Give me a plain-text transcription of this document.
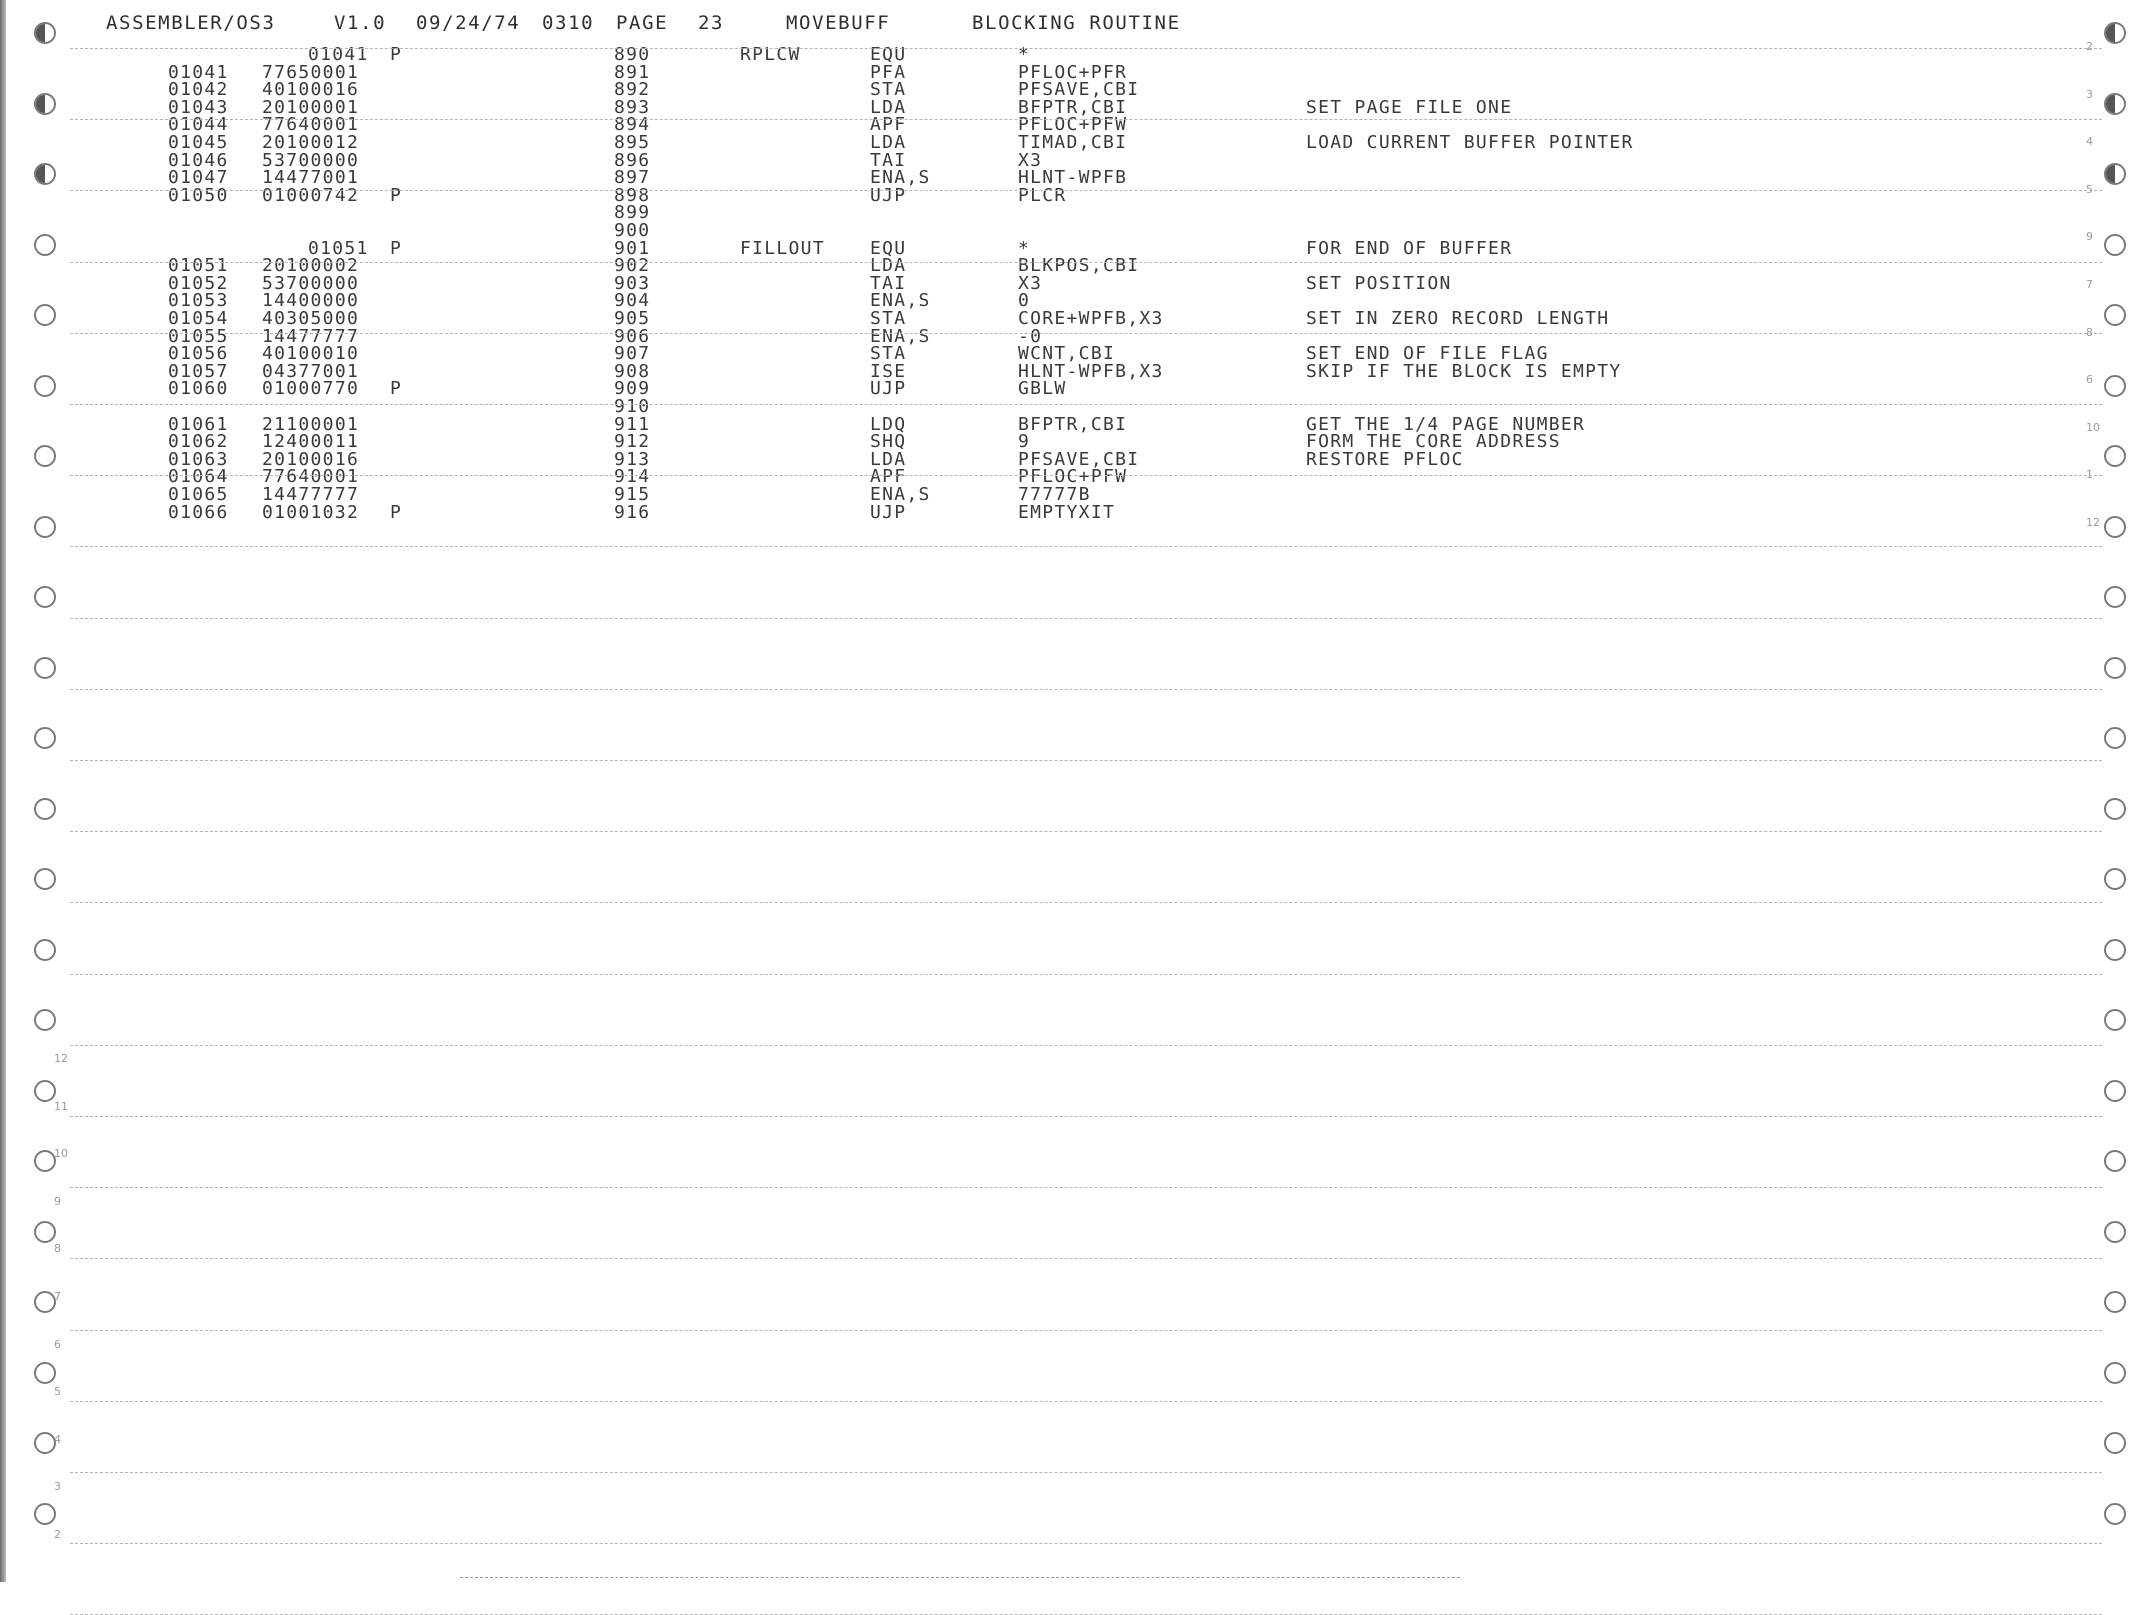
ASSEMBLER/OS3

	V1.0

09/24/74

0310

PAGE

23

	MOVEBUFF

	BLOCKING ROUTINE

01041 P	890	RPLCW	EQU	*
01041 77650001	891	PFA	PFLOC+PFR
01042 40100016	892	STA	PFSAVE,CBI
01043 20100001	893	LDA	BFPTR,CBI	SET PAGE FILE ONE
01044 77640001	894	APF	PFLOC+PFW
01045 20100012	895	LDA	TIMAD,CBI	LOAD CURRENT BUFFER POINTER
01046 53700000	896	TAI	X3
01047 14477001	897	ENA,S	HLNT-WPFB
01050 01000742 P	898	UJP	PLCR
899
900
01051 P	901	FILLOUT	EQU	*	FOR END OF BUFFER
01051 20100002	902	LDA	BLKPOS,CBI
01052 53700000	903	TAI	X3	SET POSITION
01053 14400000	904	ENA,S	0
01054 40305000	905	STA	CORE+WPFB,X3	SET IN ZERO RECORD LENGTH
01055 14477777	906	ENA,S	-0
01056 40100010	907	STA	WCNT,CBI	SET END OF FILE FLAG
01057 04377001	908	ISE	HLNT-WPFB,X3	SKIP IF THE BLOCK IS EMPTY
01060 01000770 P	909	UJP	GBLW
910
01061 21100001	911	LDQ	BFPTR,CBI	GET THE 1/4 PAGE NUMBER
01062 12400011	912	SHQ	9	FORM THE CORE ADDRESS
01063 20100016	913	LDA	PFSAVE,CBI	RESTORE PFLOC
01064 77640001	914	APF	PFLOC+PFW
01065 14477777	915	ENA,S	77777B
01066 01001032 P	916	UJP	EMPTYXIT
12
11
10
9
8
7
6
5
4
3
2
2
3
4
5
9
7
8
6
10
1
12
